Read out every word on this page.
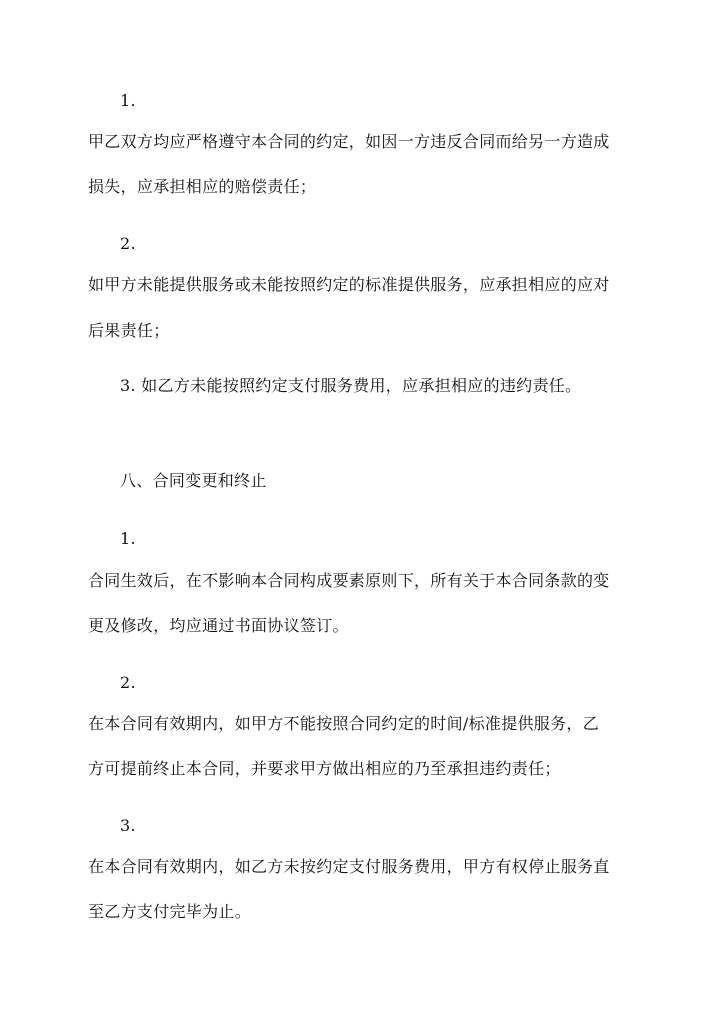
1.
甲乙双方均应严格遵守本合同的约定，如因一方违反合同而给另一方造成
损失，应承担相应的赔偿责任；
2.
如甲方未能提供服务或未能按照约定的标准提供服务，应承担相应的应对
后果责任；
3. 如乙方未能按照约定支付服务费用，应承担相应的违约责任。
八、合同变更和终止
1.
合同生效后，在不影响本合同构成要素原则下，所有关于本合同条款的变
更及修改，均应通过书面协议签订。
2.
在本合同有效期内，如甲方不能按照合同约定的时间/标准提供服务，乙
方可提前终止本合同，并要求甲方做出相应的乃至承担违约责任；
3.
在本合同有效期内，如乙方未按约定支付服务费用，甲方有权停止服务直
至乙方支付完毕为止。
